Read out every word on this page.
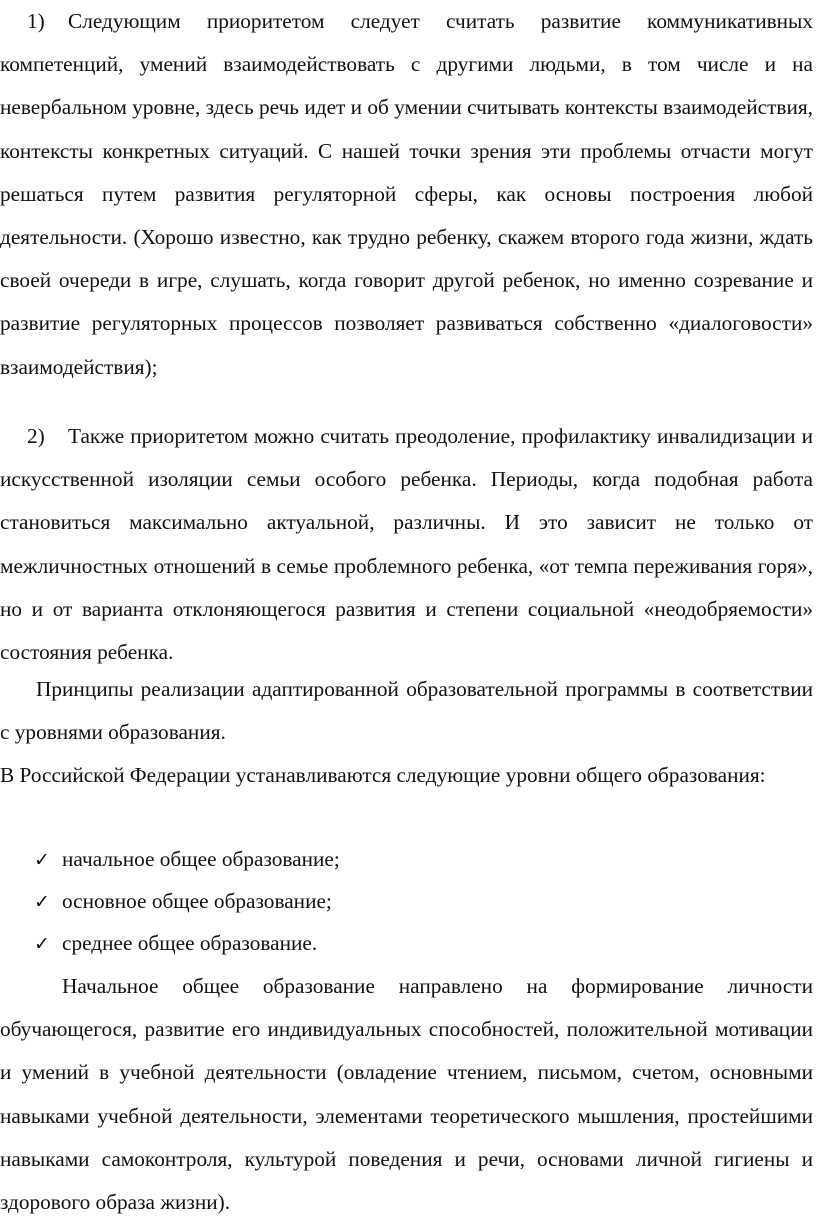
1) Следующим приоритетом следует считать развитие коммуникативных компетенций, умений взаимодействовать с другими людьми, в том числе и на невербальном уровне, здесь речь идет и об умении считывать контексты взаимодействия, контексты конкретных ситуаций. С нашей точки зрения эти проблемы отчасти могут решаться путем развития регуляторной сферы, как основы построения любой деятельности. (Хорошо известно, как трудно ребенку, скажем второго года жизни, ждать своей очереди в игре, слушать, когда говорит другой ребенок, но именно созревание и развитие регуляторных процессов позволяет развиваться собственно «диалоговости» взаимодействия);

2) Также приоритетом можно считать преодоление, профилактику инвалидизации и искусственной изоляции семьи особого ребенка. Периоды, когда подобная работа становиться максимально актуальной, различны. И это зависит не только от межличностных отношений в семье проблемного ребенка, «от темпа переживания горя», но и от варианта отклоняющегося развития и степени социальной «неодобряемости» состояния ребенка.

Принципы реализации адаптированной образовательной программы в соответствии с уровнями образования.

В Российской Федерации устанавливаются следующие уровни общего образования:

✓ начальное общее образование;
✓ основное общее образование;
✓ среднее общее образование.

Начальное общее образование направлено на формирование личности обучающегося, развитие его индивидуальных способностей, положительной мотивации и умений в учебной деятельности (овладение чтением, письмом, счетом, основными навыками учебной деятельности, элементами теоретического мышления, простейшими навыками самоконтроля, культурой поведения и речи, основами личной гигиены и здорового образа жизни).
